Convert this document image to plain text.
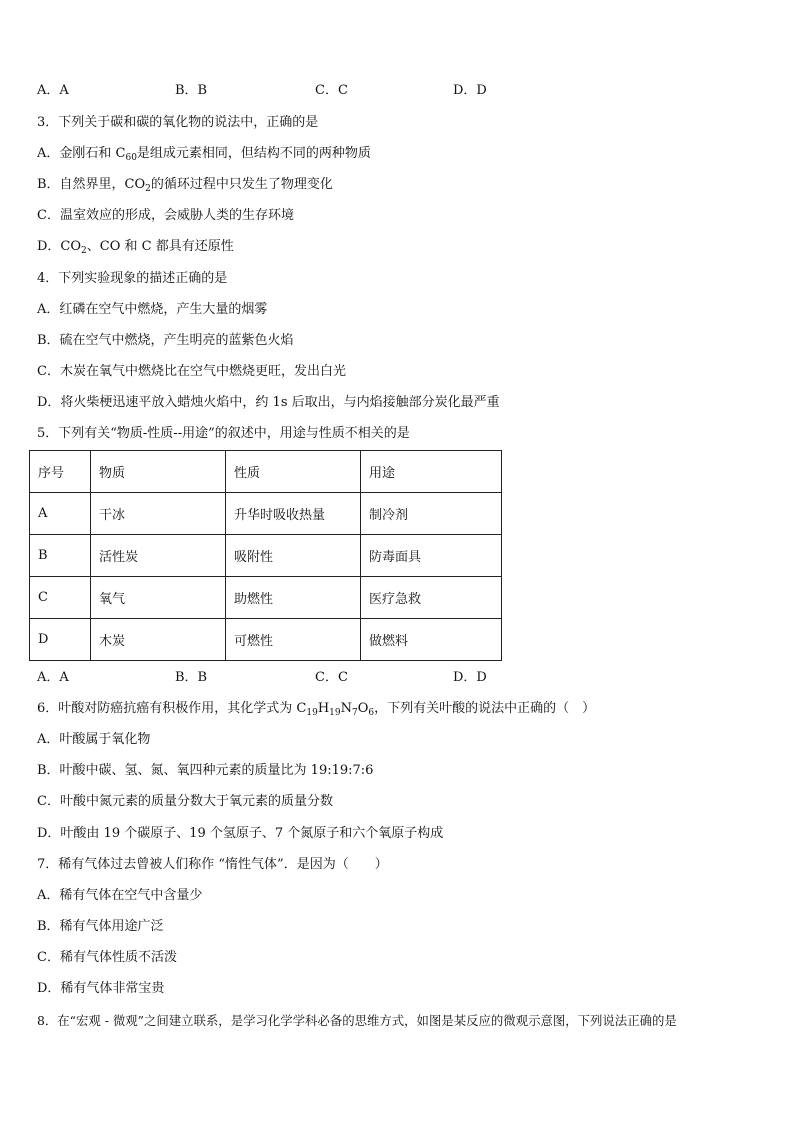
A．A	B．B	C．C	D．D
3．下列关于碳和碳的氧化物的说法中，正确的是
A．金刚石和 $C_{60}$是组成元素相同，但结构不同的两种物质
B．自然界里，$CO_2$的循环过程中只发生了物理变化
C．温室效应的形成，会威胁人类的生存环境
D．$CO_2$、CO 和 C 都具有还原性
4．下列实验现象的描述正确的是
A．红磷在空气中燃烧，产生大量的烟雾
B．硫在空气中燃烧，产生明亮的蓝紫色火焰
C．木炭在氧气中燃烧比在空气中燃烧更旺，发出白光
D．将火柴梗迅速平放入蜡烛火焰中，约 1s 后取出，与内焰接触部分炭化最严重
5．下列有关“物质-性质--用途”的叙述中，用途与性质不相关的是
序号	物质	性质	用途
A	干冰	升华时吸收热量	制冷剂
B	活性炭	吸附性	防毒面具
C	氧气	助燃性	医疗急救
D	木炭	可燃性	做燃料
A．A	B．B	C．C	D．D
6．叶酸对防癌抗癌有积极作用，其化学式为 $C_{19}H_{19}N_7O_6$，下列有关叶酸的说法中正确的（　）
A．叶酸属于氧化物
B．叶酸中碳、氢、氮、氧四种元素的质量比为 19:19:7:6
C．叶酸中氮元素的质量分数大于氧元素的质量分数
D．叶酸由 19 个碳原子、19 个氢原子、7 个氮原子和六个氧原子构成
7．稀有气体过去曾被人们称作 “惰性气体”．是因为（　　）
A．稀有气体在空气中含量少
B．稀有气体用途广泛
C．稀有气体性质不活泼
D．稀有气体非常宝贵
8．在“宏观 - 微观”之间建立联系，是学习化学学科必备的思维方式，如图是某反应的微观示意图，下列说法正确的是
